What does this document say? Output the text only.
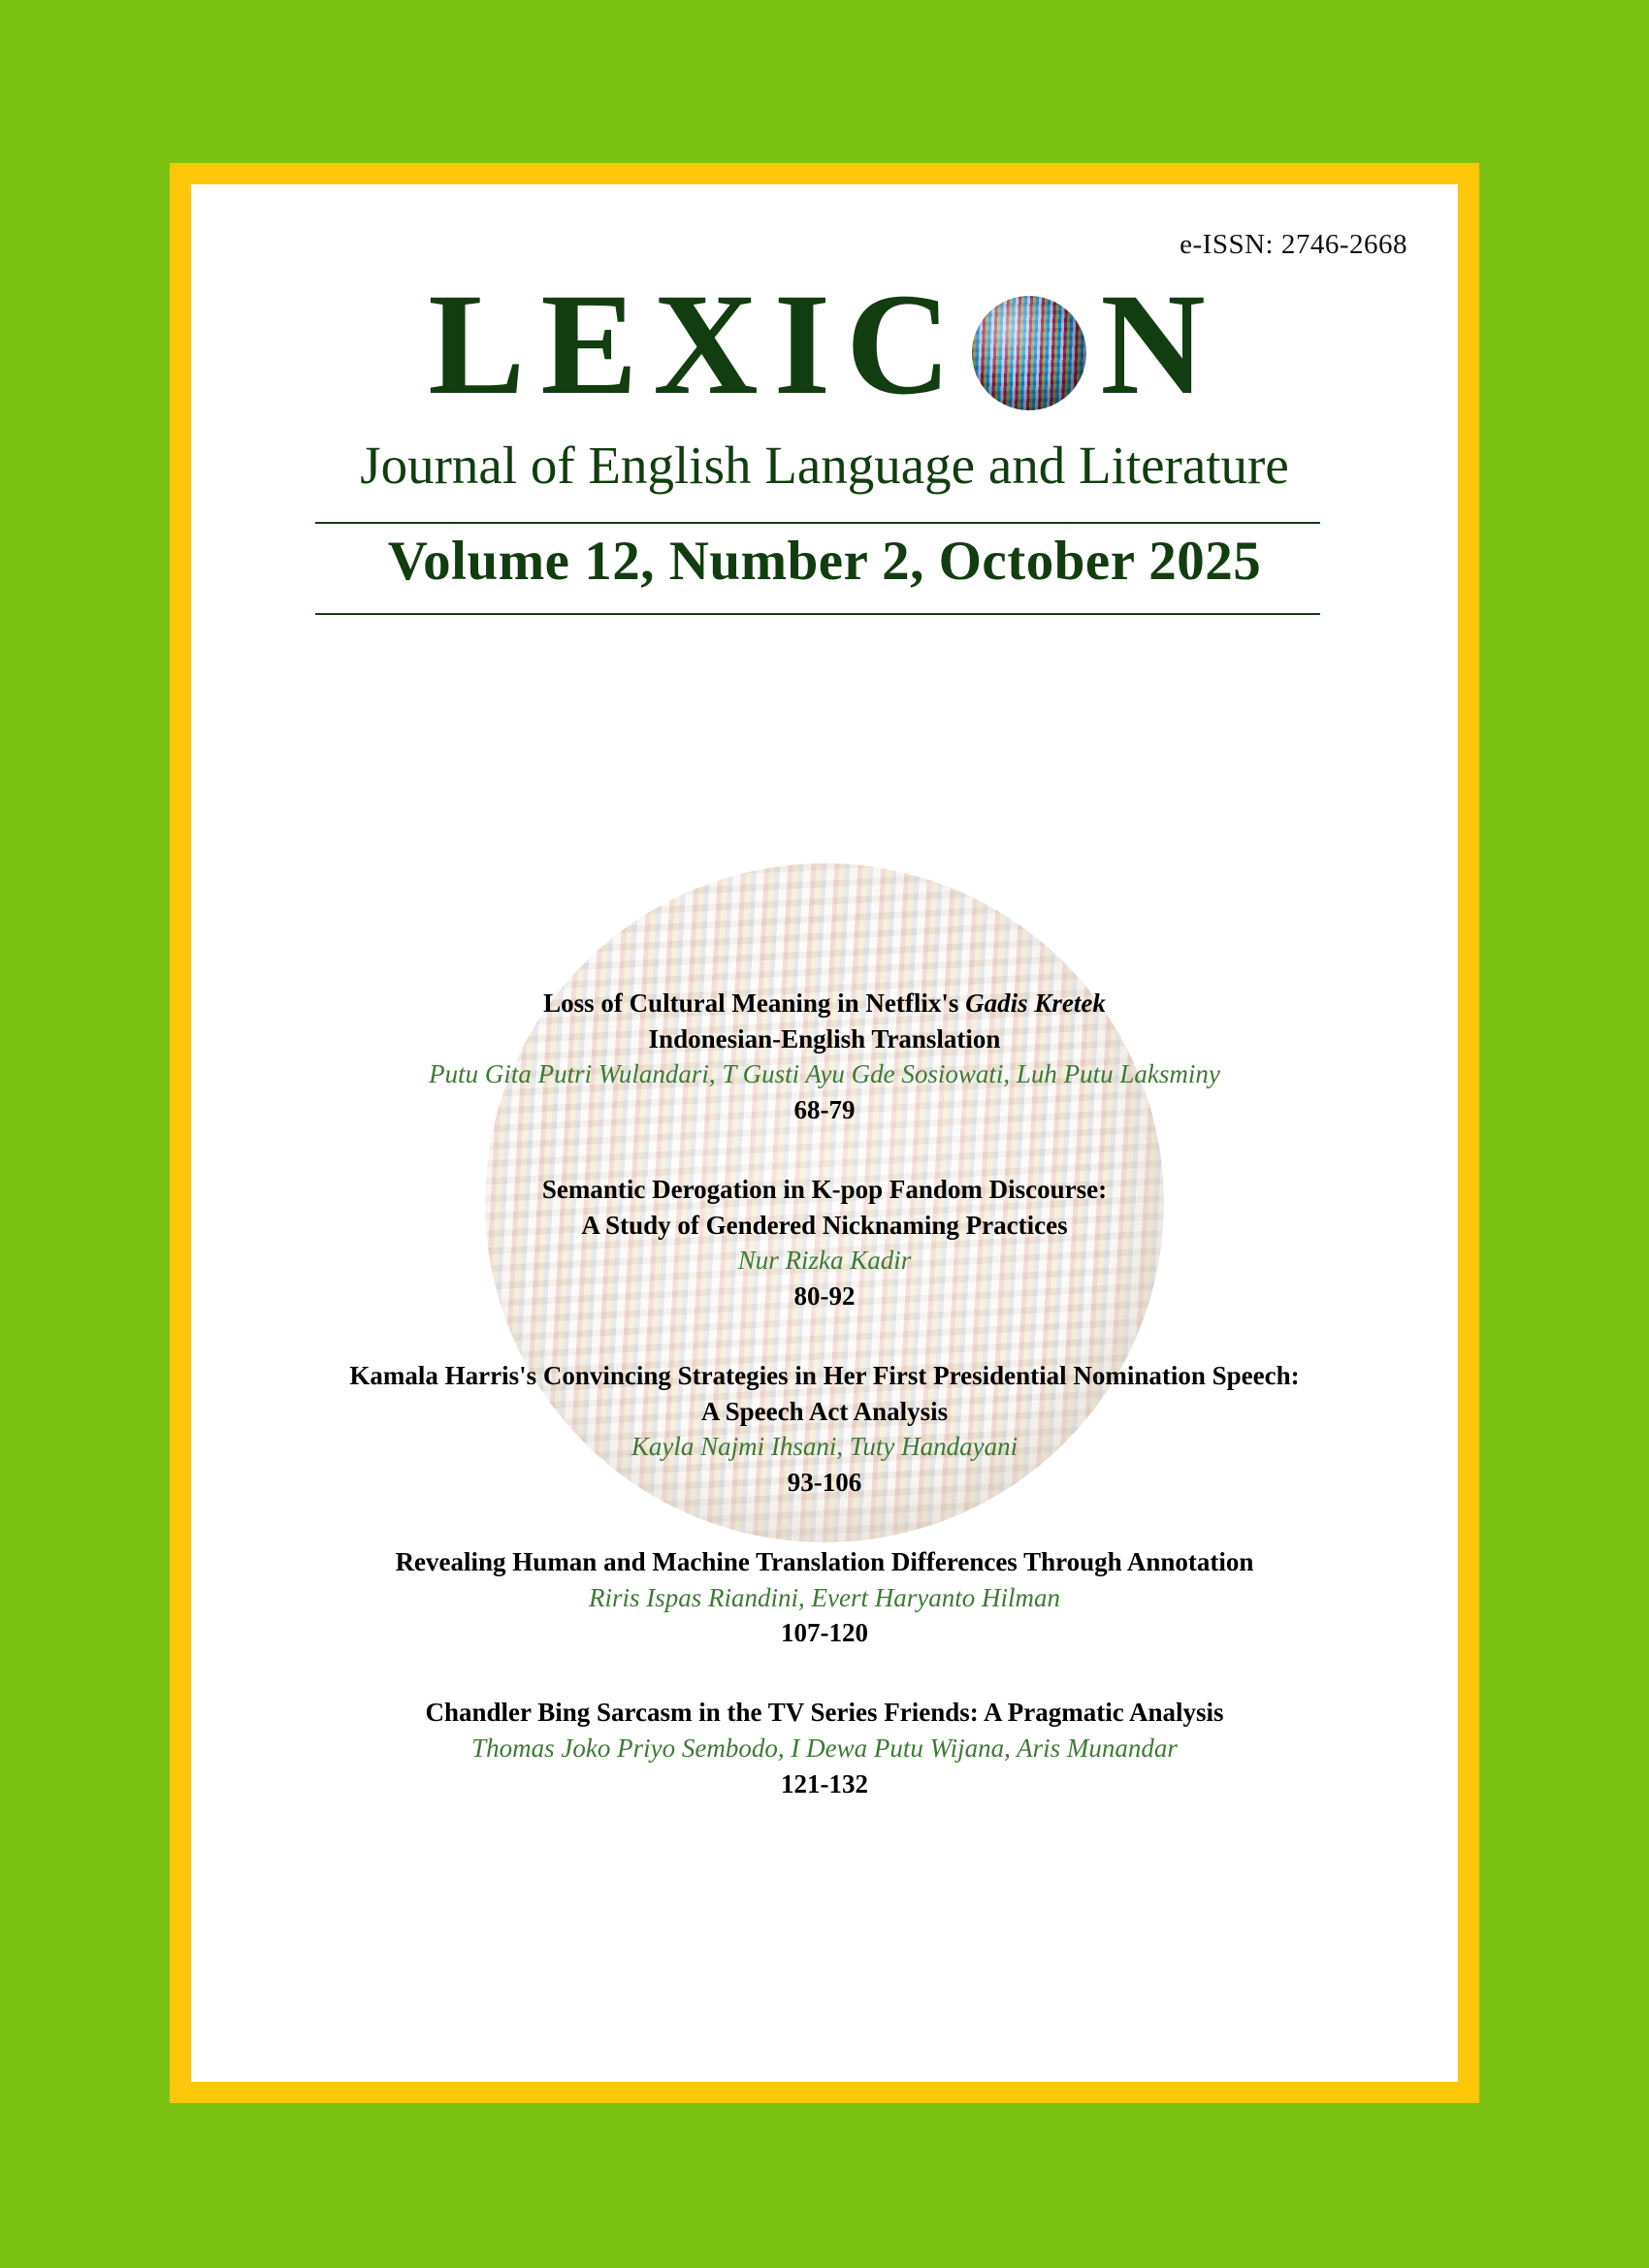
e-ISSN: 2746-2668
LEXIC N
Journal of English Language and Literature
Volume 12, Number 2, October 2025
Loss of Cultural Meaning in Netflix's Gadis Kretek
Indonesian-English Translation
Putu Gita Putri Wulandari, T Gusti Ayu Gde Sosiowati, Luh Putu Laksminy
68-79
Semantic Derogation in K-pop Fandom Discourse:
A Study of Gendered Nicknaming Practices
Nur Rizka Kadir
80-92
Kamala Harris's Convincing Strategies in Her First Presidential Nomination Speech:
A Speech Act Analysis
Kayla Najmi Ihsani, Tuty Handayani
93-106
Revealing Human and Machine Translation Differences Through Annotation
Riris Ispas Riandini, Evert Haryanto Hilman
107-120
Chandler Bing Sarcasm in the TV Series Friends: A Pragmatic Analysis
Thomas Joko Priyo Sembodo, I Dewa Putu Wijana, Aris Munandar
121-132
